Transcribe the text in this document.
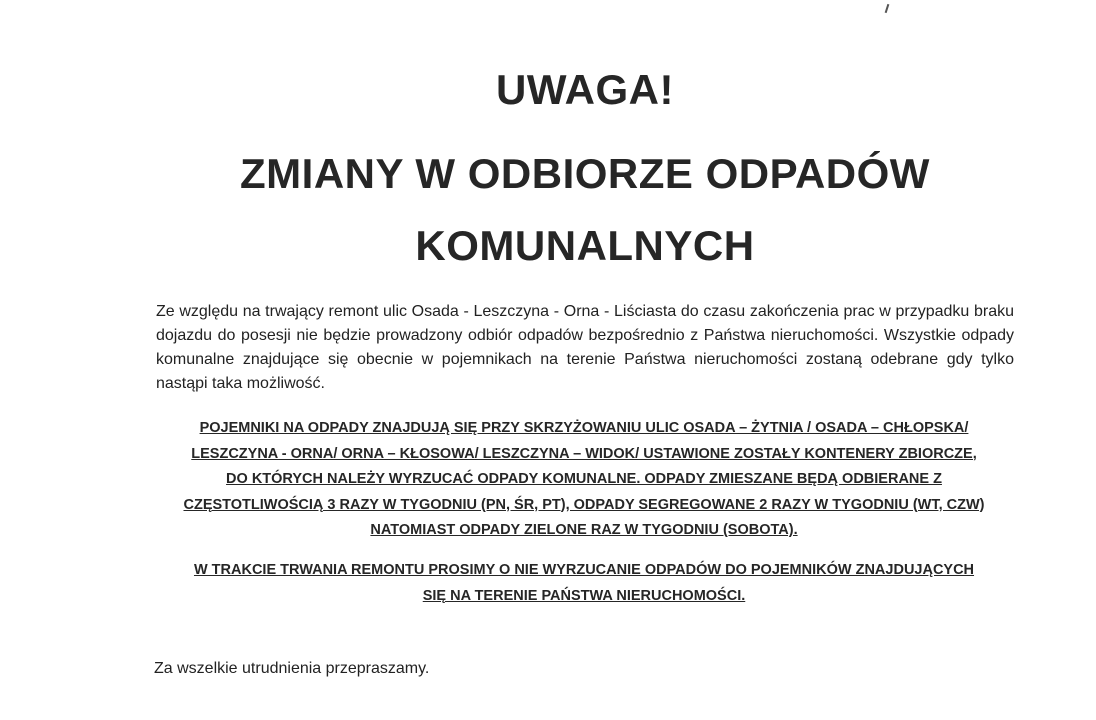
UWAGA!
ZMIANY W ODBIORZE ODPADÓW
KOMUNALNYCH

Ze względu na trwający remont ulic Osada - Leszczyna - Orna - Liściasta do czasu zakończenia prac w przypadku braku dojazdu do posesji nie będzie prowadzony odbiór odpadów bezpośrednio z Państwa nieruchomości. Wszystkie odpady komunalne znajdujące się obecnie w pojemnikach na terenie Państwa nieruchomości zostaną odebrane gdy tylko nastąpi taka możliwość.

POJEMNIKI NA ODPADY ZNAJDUJĄ SIĘ PRZY SKRZYŻOWANIU ULIC OSADA – ŻYTNIA / OSADA – CHŁOPSKA/
LESZCZYNA - ORNA/ ORNA – KŁOSOWA/ LESZCZYNA – WIDOK/ USTAWIONE ZOSTAŁY KONTENERY ZBIORCZE,
DO KTÓRYCH NALEŻY WYRZUCAĆ ODPADY KOMUNALNE. ODPADY ZMIESZANE BĘDĄ ODBIERANE Z
CZĘSTOTLIWOŚCIĄ 3 RAZY W TYGODNIU (PN, ŚR, PT), ODPADY SEGREGOWANE 2 RAZY W TYGODNIU (WT, CZW)
NATOMIAST ODPADY ZIELONE RAZ W TYGODNIU (SOBOTA).
W TRAKCIE TRWANIA REMONTU PROSIMY O NIE WYRZUCANIE ODPADÓW DO POJEMNIKÓW ZNAJDUJĄCYCH
SIĘ NA TERENIE PAŃSTWA NIERUCHOMOŚCI.

Za wszelkie utrudnienia przepraszamy.
